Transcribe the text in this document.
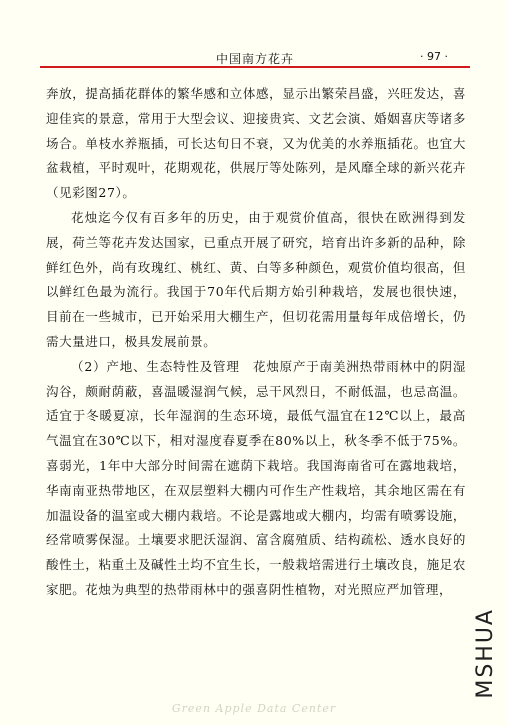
中国南方花卉	· 97 ·

奔放，提高插花群体的繁华感和立体感，显示出繁荣昌盛，兴旺发达，喜迎佳宾的景意，常用于大型会议、迎接贵宾、文艺会演、婚姻喜庆等诸多场合。单枝水养瓶插，可长达旬日不衰，又为优美的水养瓶插花。也宜大盆栽植，平时观叶，花期观花，供展厅等处陈列，是风靡全球的新兴花卉（见彩图27）。

花烛迄今仅有百多年的历史，由于观赏价值高，很快在欧洲得到发展，荷兰等花卉发达国家，已重点开展了研究，培育出许多新的品种，除鲜红色外，尚有玫瑰红、桃红、黄、白等多种颜色，观赏价值均很高，但以鲜红色最为流行。我国于70年代后期方始引种栽培，发展也很快速，目前在一些城市，已开始采用大棚生产，但切花需用量每年成倍增长，仍需大量进口，极具发展前景。

（2）产地、生态特性及管理　花烛原产于南美洲热带雨林中的阴湿沟谷，颇耐荫蔽，喜温暖湿润气候，忌干风烈日，不耐低温，也忌高温。适宜于冬暖夏凉，长年湿润的生态环境，最低气温宜在12℃以上，最高气温宜在30℃以下，相对湿度春夏季在80%以上，秋冬季不低于75%。喜弱光，1年中大部分时间需在遮荫下栽培。我国海南省可在露地栽培，华南南亚热带地区，在双层塑料大棚内可作生产性栽培，其余地区需在有加温设备的温室或大棚内栽培。不论是露地或大棚内，均需有喷雾设施，经常喷雾保湿。土壤要求肥沃湿润、富含腐殖质、结构疏松、透水良好的酸性土，粘重土及碱性土均不宜生长，一般栽培需进行土壤改良，施足农家肥。花烛为典型的热带雨林中的强喜阴性植物，对光照应严加管理，

MSHUA
Green Apple Data Center
